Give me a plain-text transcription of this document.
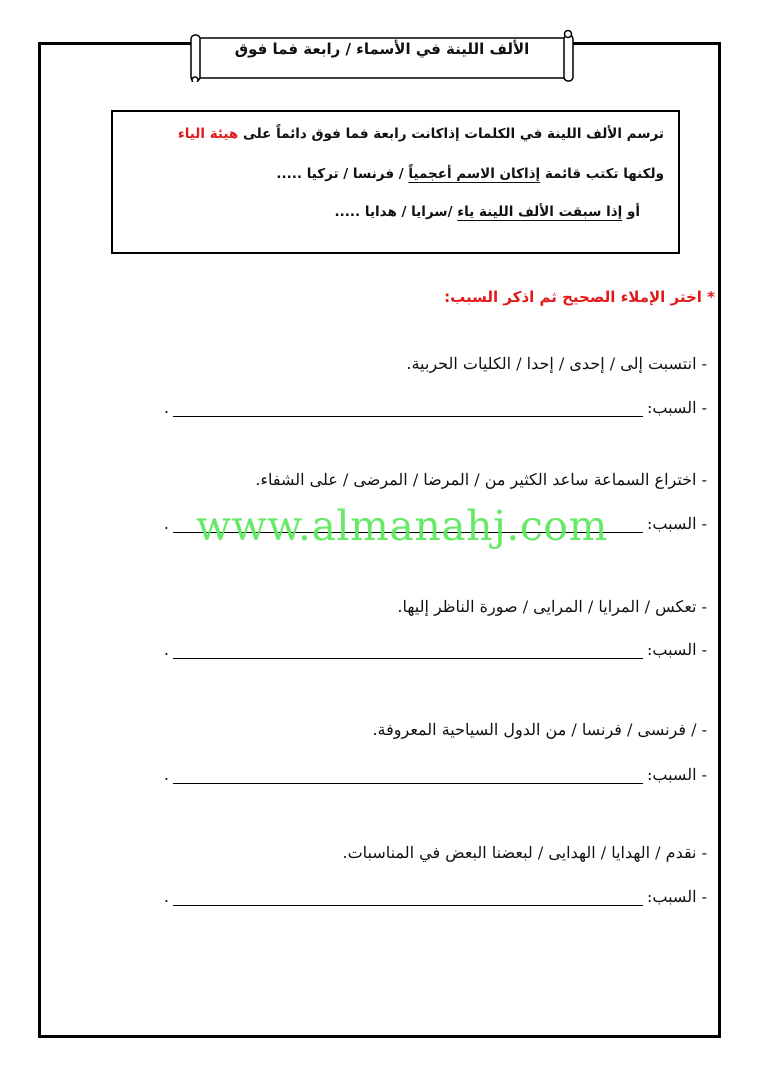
الألف اللينة في الأسماء / رابعة فما فوق
ترسم الألف اللينة في الكلمات إذاكانت رابعة فما فوق دائماً على هيئة الياء
ولكنها تكتب قائمة إذاكان الاسم أعجمياً / فرنسا / تركيا .....
أو إذا سبقت الألف اللينة ياء /سرايا / هدايا .....
* اختر الإملاء الصحيح ثم اذكر السبب:
- انتسبت إلى / إحدى / إحدا / الكليات الحربية.
- السبب:
.
- اختراع السماعة ساعد الكثير من / المرضا / المرضى / على الشفاء.
- السبب:
.
- تعكس / المرايا / المرايى / صورة الناظر إليها.
- السبب:
.
- / فرنسى / فرنسا / من الدول السياحية المعروفة.
- السبب:
.
- نقدم / الهدايا / الهدايى / لبعضنا البعض في المناسبات.
- السبب:
.
www.almanahj.com
